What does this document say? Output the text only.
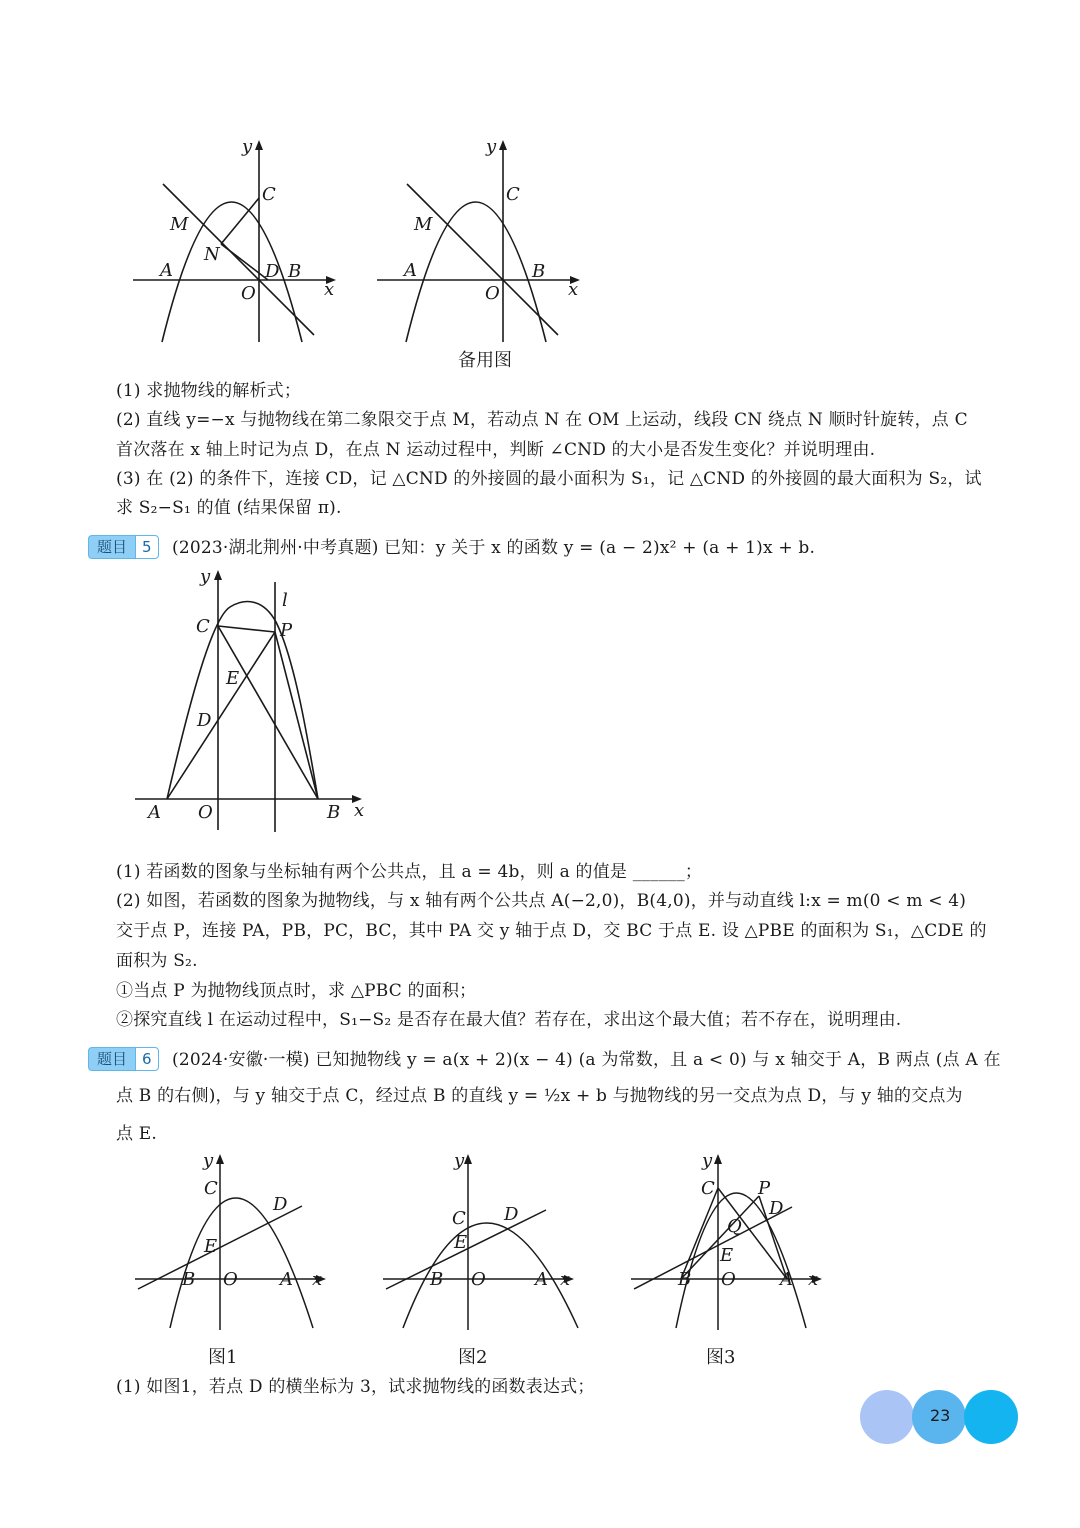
y
C
M
N
A	D B
O	x
y
C
M
A	B
O	x
备用图
(1) 求抛物线的解析式；
(2) 直线 y=−x 与抛物线在第二象限交于点 M，若动点 N 在 OM 上运动，线段 CN 绕点 N 顺时针旋转，点 C
首次落在 x 轴上时记为点 D，在点 N 运动过程中，判断 ∠CND 的大小是否发生变化？并说明理由.
(3) 在 (2) 的条件下，连接 CD，记 △CND 的外接圆的最小面积为 S₁，记 △CND 的外接圆的最大面积为 S₂，试
求 S₂−S₁ 的值 (结果保留 π).
题目	5	(2023·湖北荆州·中考真题) 已知：y 关于 x 的函数 y = (a − 2)x² + (a + 1)x + b.
y
l
C	P
E
D
A O	B x
(1) 若函数的图象与坐标轴有两个公共点，且 a = 4b，则 a 的值是 ______；
(2) 如图，若函数的图象为抛物线，与 x 轴有两个公共点 A(−2,0)，B(4,0)，并与动直线 l:x = m(0 < m < 4)
交于点 P，连接 PA，PB，PC，BC，其中 PA 交 y 轴于点 D，交 BC 于点 E. 设 △PBE 的面积为 S₁，△CDE 的
面积为 S₂.
①当点 P 为抛物线顶点时，求 △PBC 的面积；
②探究直线 l 在运动过程中，S₁−S₂ 是否存在最大值？若存在，求出这个最大值；若不存在，说明理由.
题目	6	(2024·安徽·一模) 已知抛物线 y = a(x + 2)(x − 4) (a 为常数，且 a < 0) 与 x 轴交于 A，B 两点 (点 A 在
点 B 的右侧)，与 y 轴交于点 C，经过点 B 的直线 y = ½x + b 与抛物线的另一交点为点 D，与 y 轴的交点为
点 E.
y
C
D
E
B O A x
图1
y
C D
E
B O	A x
图2
y
C P
D
Q
E
B O A x
图3
(1) 如图1，若点 D 的横坐标为 3，试求抛物线的函数表达式；
23
